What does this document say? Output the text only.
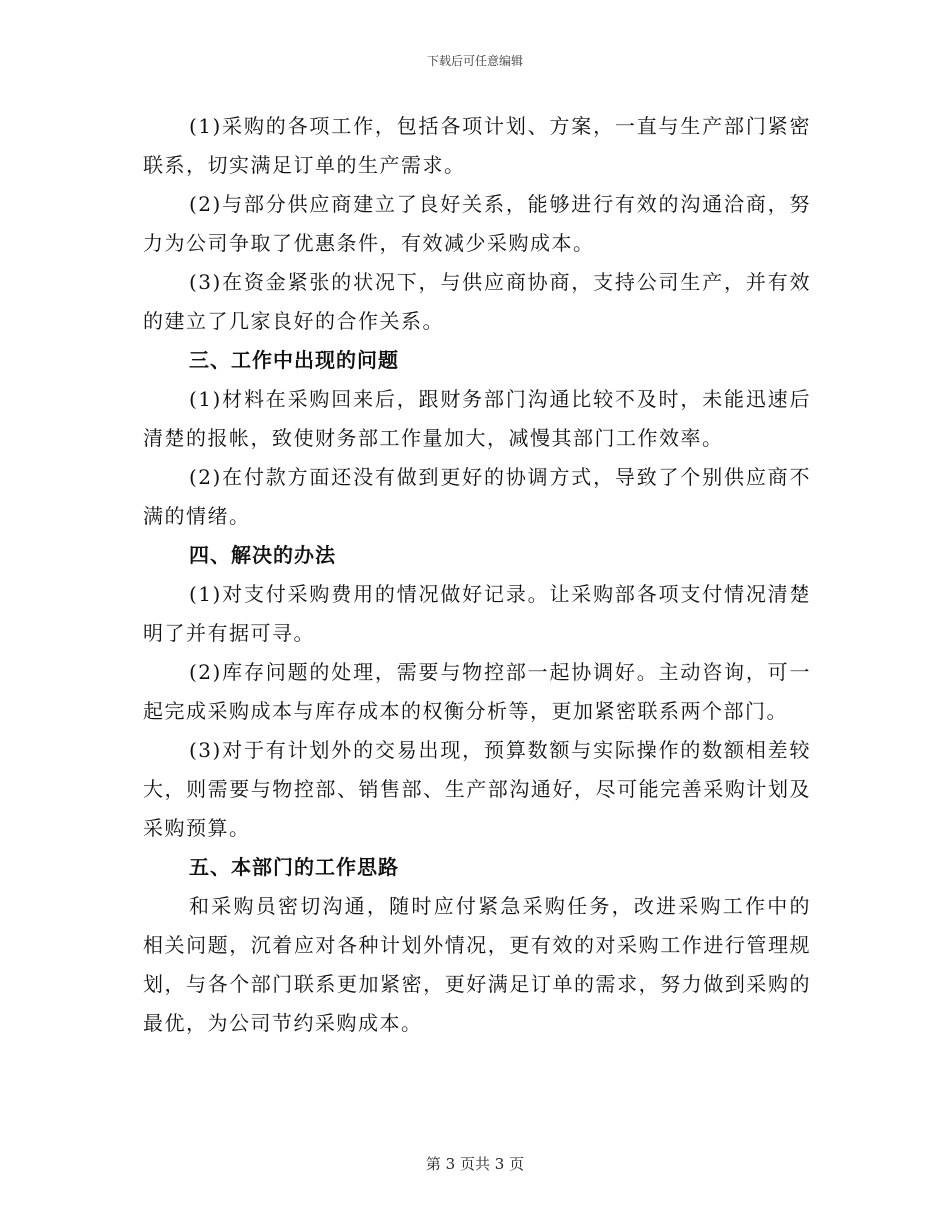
下载后可任意编辑

(1)采购的各项工作，包括各项计划、方案，一直与生产部门紧密联系，切实满足订单的生产需求。

(2)与部分供应商建立了良好关系，能够进行有效的沟通洽商，努力为公司争取了优惠条件，有效减少采购成本。

(3)在资金紧张的状况下，与供应商协商，支持公司生产，并有效的建立了几家良好的合作关系。

三、工作中出现的问题

(1)材料在采购回来后，跟财务部门沟通比较不及时，未能迅速后清楚的报帐，致使财务部工作量加大，减慢其部门工作效率。

(2)在付款方面还没有做到更好的协调方式，导致了个别供应商不满的情绪。

四、解决的办法

(1)对支付采购费用的情况做好记录。让采购部各项支付情况清楚明了并有据可寻。

(2)库存问题的处理，需要与物控部一起协调好。主动咨询，可一起完成采购成本与库存成本的权衡分析等，更加紧密联系两个部门。

(3)对于有计划外的交易出现，预算数额与实际操作的数额相差较大，则需要与物控部、销售部、生产部沟通好，尽可能完善采购计划及采购预算。

五、本部门的工作思路

和采购员密切沟通，随时应付紧急采购任务，改进采购工作中的相关问题，沉着应对各种计划外情况，更有效的对采购工作进行管理规划，与各个部门联系更加紧密，更好满足订单的需求，努力做到采购的最优，为公司节约采购成本。

第 3 页共 3 页
